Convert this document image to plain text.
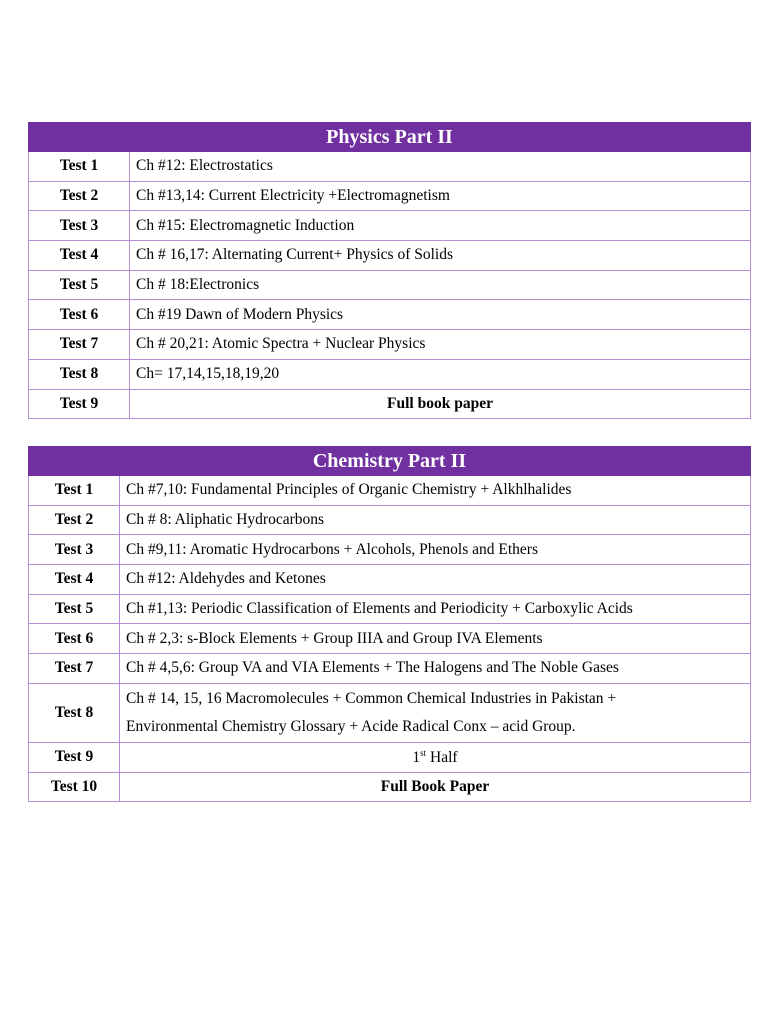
Physics Part II	
Test 1	Ch #12: Electrostatics
Test 2	Ch #13,14: Current Electricity +Electromagnetism
Test 3	Ch #15: Electromagnetic Induction
Test 4	Ch # 16,17: Alternating Current+ Physics of Solids
Test 5	Ch # 18:Electronics
Test 6	Ch #19 Dawn of Modern Physics
Test 7	Ch # 20,21: Atomic Spectra + Nuclear Physics
Test 8	Ch= 17,14,15,18,19,20
Test 9	Full book paper
Chemistry Part II	
Test 1	Ch #7,10: Fundamental Principles of Organic Chemistry + Alkhlhalides
Test 2	Ch # 8: Aliphatic Hydrocarbons
Test 3	Ch #9,11: Aromatic Hydrocarbons + Alcohols, Phenols and Ethers
Test 4	Ch #12: Aldehydes and Ketones
Test 5	Ch #1,13: Periodic Classification of Elements and Periodicity + Carboxylic Acids
Test 6	Ch # 2,3: s-Block Elements + Group IIIA and Group IVA Elements
Test 7	Ch # 4,5,6: Group VA and VIA Elements + The Halogens and The Noble Gases
Test 8	Ch # 14, 15, 16 Macromolecules + Common Chemical Industries in Pakistan +
Environmental Chemistry Glossary + Acide Radical Conx – acid Group.

Test 9	1st Half
Test 10	Full Book Paper
